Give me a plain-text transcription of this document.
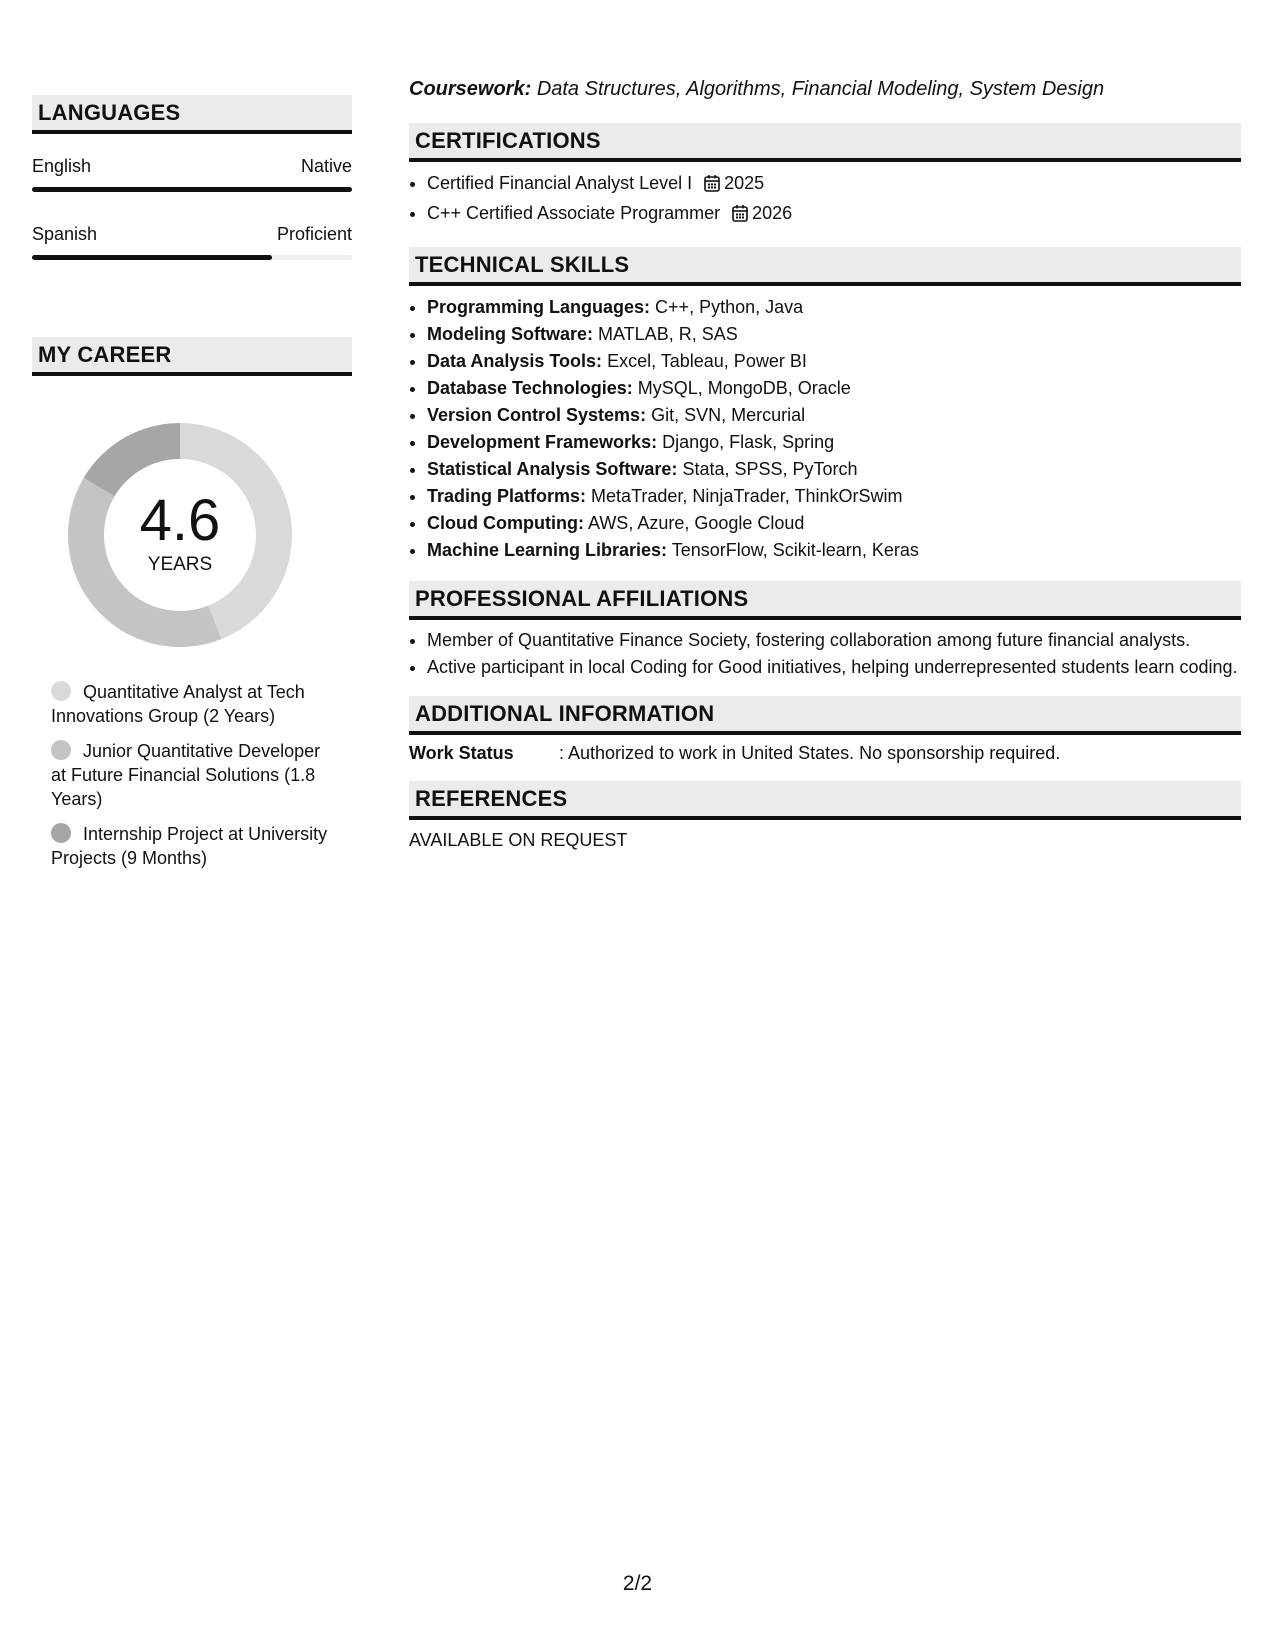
LANGUAGES
English	Native
Spanish	Proficient
MY CAREER
4.6
YEARS
Quantitative Analyst at Tech Innovations Group (2 Years)
Junior Quantitative Developer at Future Financial Solutions (1.8 Years)
Internship Project at University Projects (9 Months)

Coursework: Data Structures, Algorithms, Financial Modeling, System Design

CERTIFICATIONS
• Certified Financial Analyst Level I 2025
• C++ Certified Associate Programmer 2026
TECHNICAL SKILLS
• Programming Languages: C++, Python, Java
• Modeling Software: MATLAB, R, SAS
• Data Analysis Tools: Excel, Tableau, Power BI
• Database Technologies: MySQL, MongoDB, Oracle
• Version Control Systems: Git, SVN, Mercurial
• Development Frameworks: Django, Flask, Spring
• Statistical Analysis Software: Stata, SPSS, PyTorch
• Trading Platforms: MetaTrader, NinjaTrader, ThinkOrSwim
• Cloud Computing: AWS, Azure, Google Cloud
• Machine Learning Libraries: TensorFlow, Scikit-learn, Keras
PROFESSIONAL AFFILIATIONS
• Member of Quantitative Finance Society, fostering collaboration among future financial analysts.
• Active participant in local Coding for Good initiatives, helping underrepresented students learn coding.
ADDITIONAL INFORMATION
Work Status	: Authorized to work in United States. No sponsorship required.
REFERENCES
AVAILABLE ON REQUEST
2/2
